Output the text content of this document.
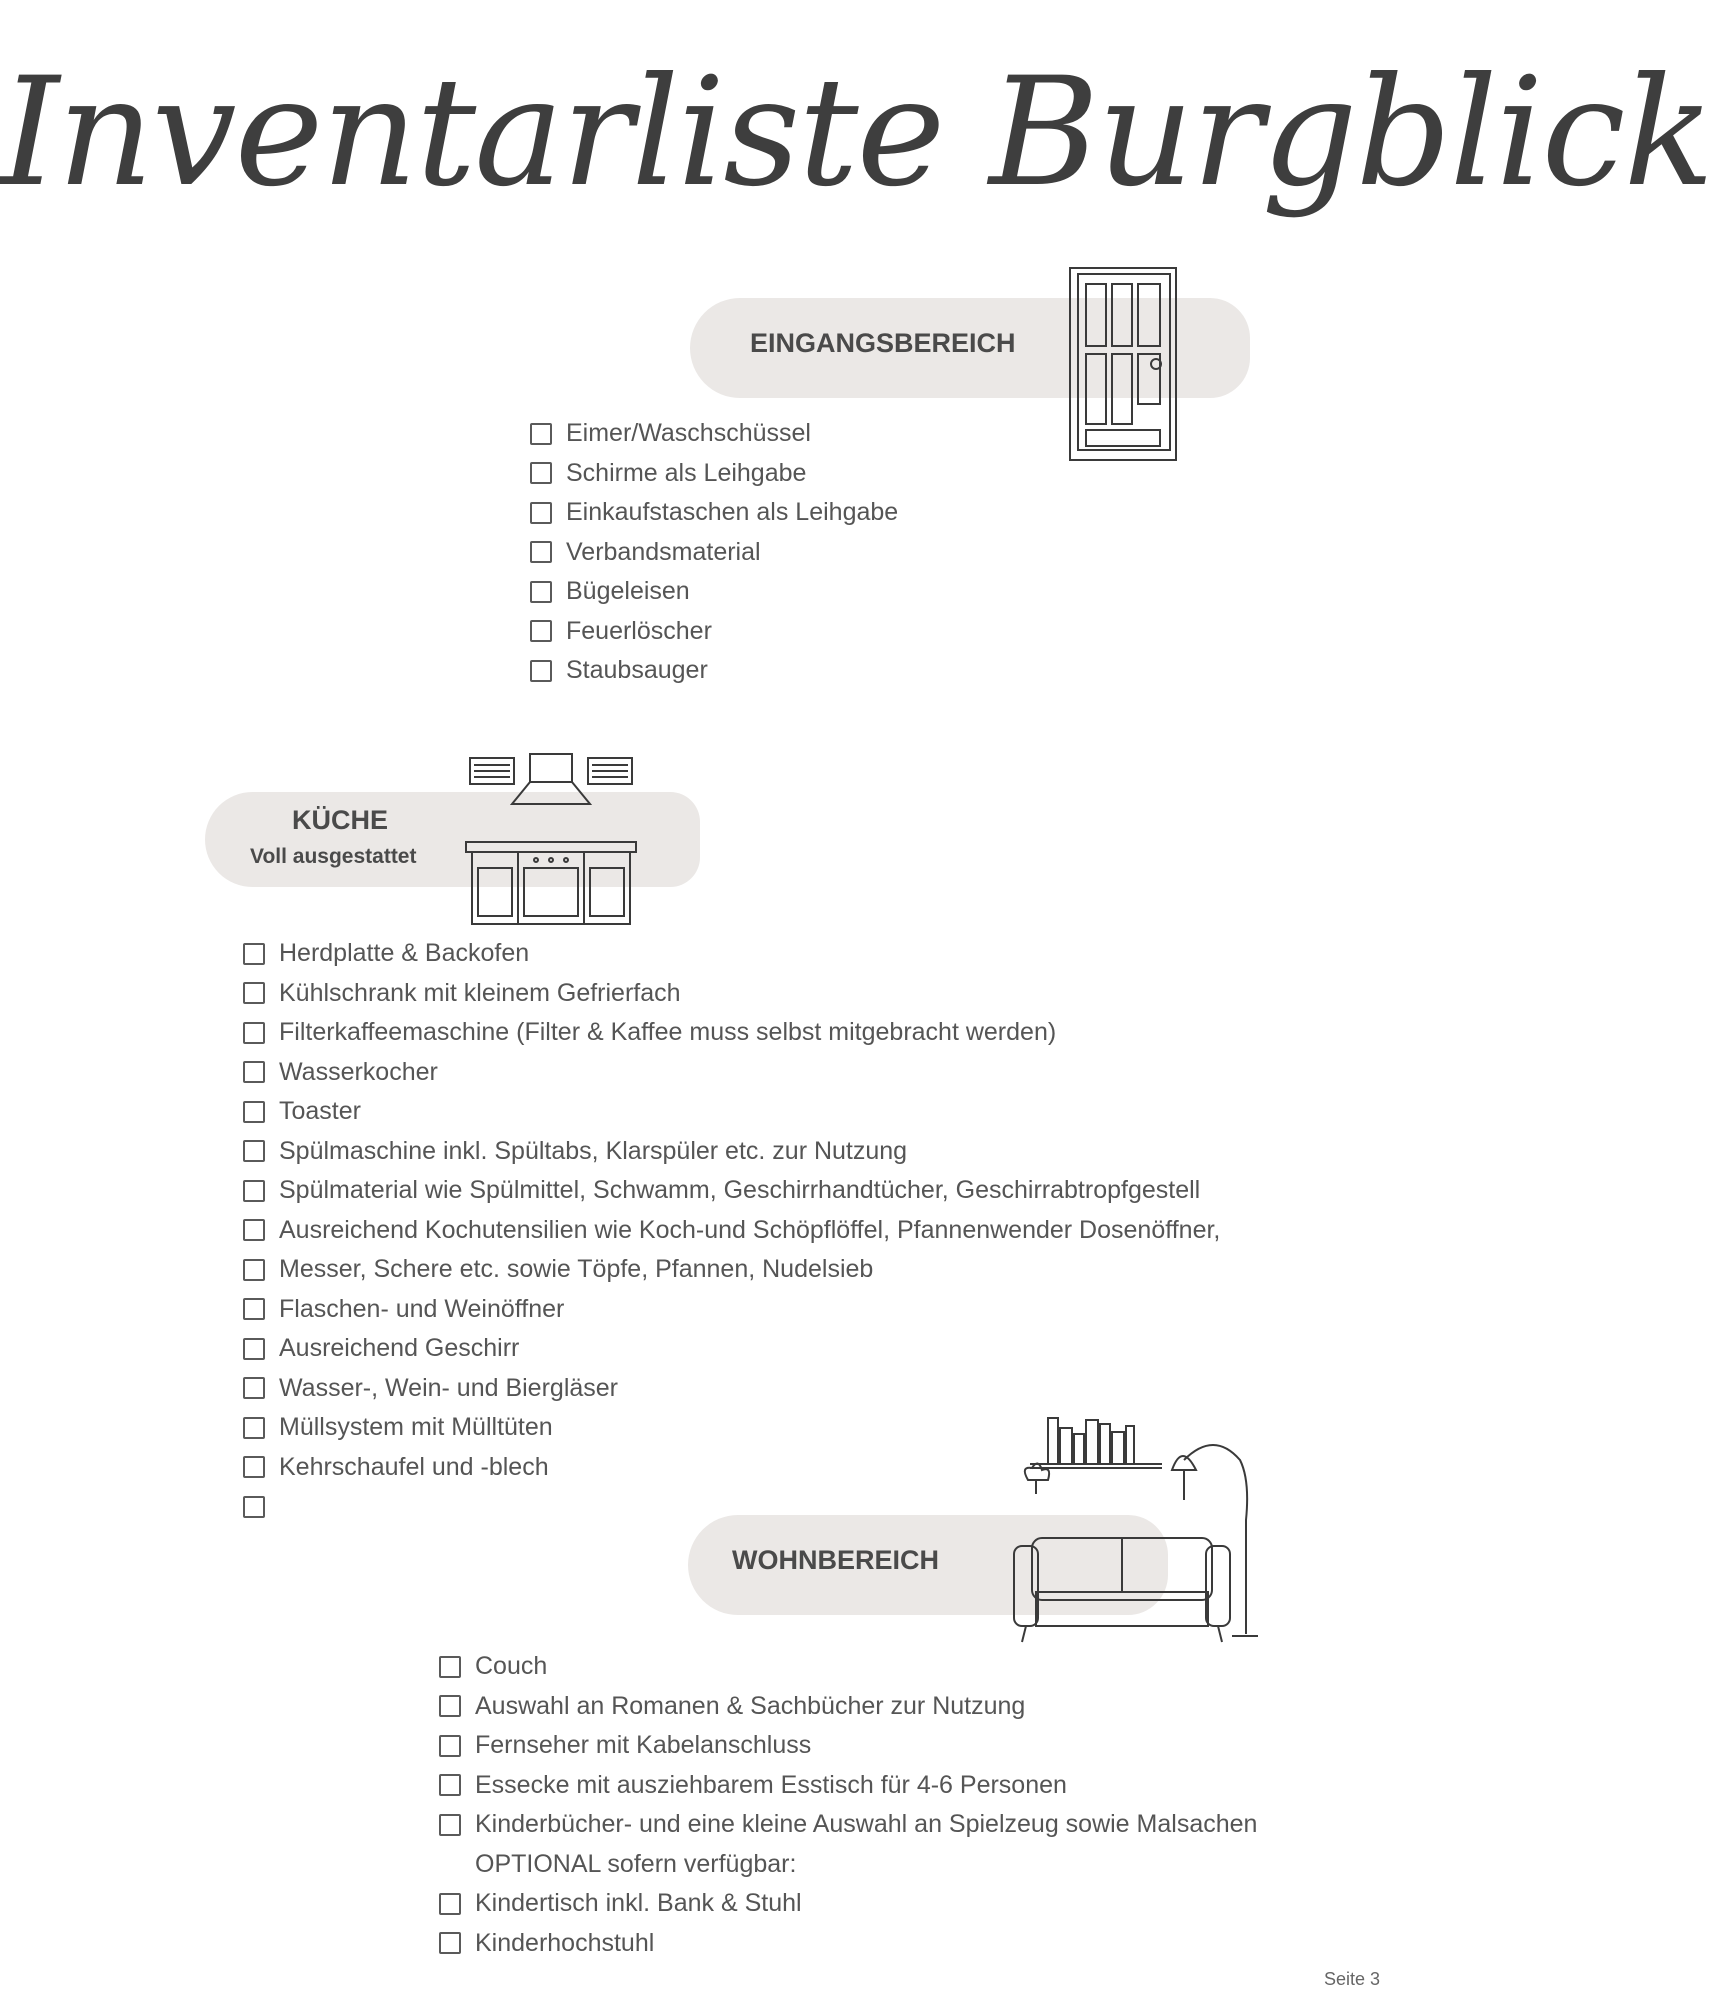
Inventarliste Burgblick
EINGANGSBEREICH
Eimer/Waschschüssel
Schirme als Leihgabe
Einkaufstaschen als Leihgabe
Verbandsmaterial
Bügeleisen
Feuerlöscher
Staubsauger
KÜCHE
Voll ausgestattet
Herdplatte & Backofen
Kühlschrank mit kleinem Gefrierfach
Filterkaffeemaschine (Filter & Kaffee muss selbst mitgebracht werden)
Wasserkocher
Toaster
Spülmaschine inkl. Spültabs, Klarspüler etc. zur Nutzung
Spülmaterial wie Spülmittel, Schwamm, Geschirrhandtücher, Geschirrabtropfgestell
Ausreichend Kochutensilien wie Koch-und Schöpflöffel, Pfannenwender Dosenöffner,
Messer, Schere etc. sowie Töpfe, Pfannen, Nudelsieb
Flaschen- und Weinöffner
Ausreichend Geschirr
Wasser-, Wein- und Biergläser
Müllsystem mit Mülltüten
Kehrschaufel und -blech
WOHNBEREICH
Couch
Auswahl an Romanen & Sachbücher zur Nutzung
Fernseher mit Kabelanschluss
Essecke mit ausziehbarem Esstisch für 4-6 Personen
Kinderbücher- und eine kleine Auswahl an Spielzeug sowie Malsachen
OPTIONAL sofern verfügbar:
Kindertisch inkl. Bank & Stuhl
Kinderhochstuhl
Seite 3
